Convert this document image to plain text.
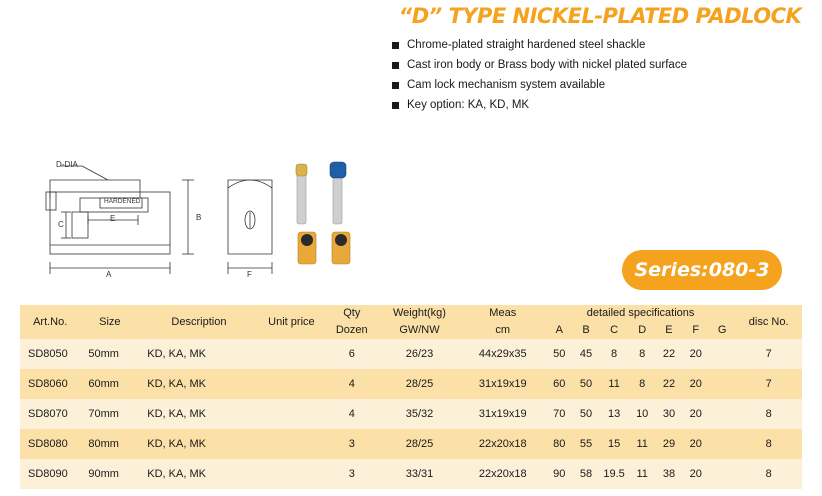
“D” TYPE NICKEL-PLATED PADLOCK
Chrome-plated straight hardened steel shackle
Cast iron body or Brass body with nickel plated surface
Cam lock mechanism system available
Key option: KA, KD, MK
D-DIA
HARDENED
A
B
C
E
F	Series:080-3
Art.No.	Size	Description	Unit price	Qty	Weight(kg)	Meas	detailed specifications							disc No.
				Dozen	GW/NW	cm	A	B	C	D	E	F	G	
SD8050	50mm	KD, KA, MK		6	26/23	44x29x35	50	45	8	8	22	20		7
SD8060	60mm	KD, KA, MK		4	28/25	31x19x19	60	50	11	8	22	20		7
SD8070	70mm	KD, KA, MK		4	35/32	31x19x19	70	50	13	10	30	20		8
SD8080	80mm	KD, KA, MK		3	28/25	22x20x18	80	55	15	11	29	20		8
SD8090	90mm	KD, KA, MK		3	33/31	22x20x18	90	58	19.5	11	38	20		8
